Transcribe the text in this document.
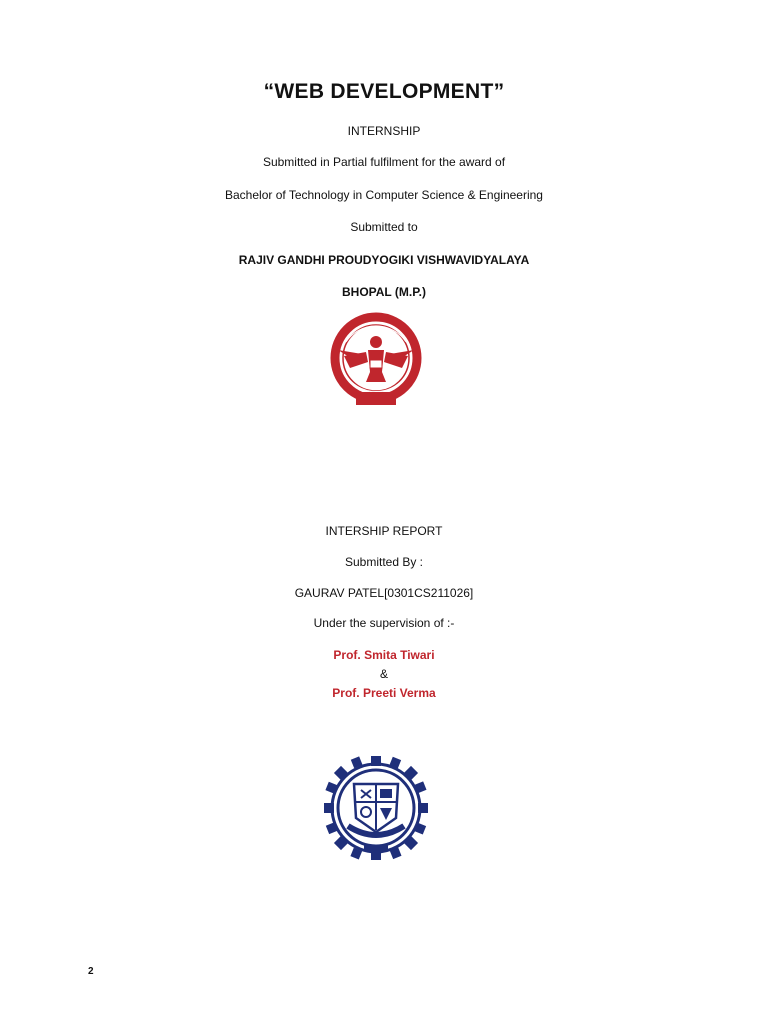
“WEB DEVELOPMENT”
INTERNSHIP
Submitted in Partial fulfilment for the award of
Bachelor of Technology in Computer Science & Engineering
Submitted to
RAJIV GANDHI PROUDYOGIKI VISHWAVIDYALAYA
BHOPAL (M.P.)
INTERSHIP REPORT
Submitted By :
GAURAV PATEL[0301CS211026]
Under the supervision of :-
Prof. Smita Tiwari
&
Prof. Preeti Verma
2
